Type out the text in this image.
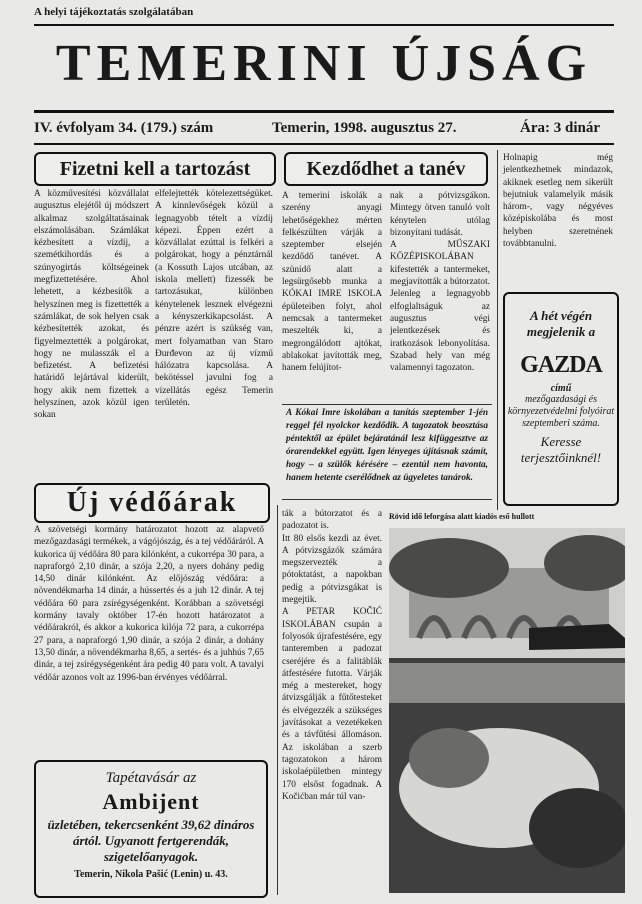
A helyi tájékoztatás szolgálatában
TEMERINI ÚJSÁG
IV. évfolyam 34. (179.) szám	Temerin, 1998. augusztus 27.	Ára: 3 dinár
Fizetni kell a tartozást
A közművesítési közvállalat augusztus elejétől új módszert alkalmaz szolgáltatásainak elszámolásában. Számlákat kézbesített a vízdíj, a szemétkihordás és a szúnyogirtás költségeinek megfizettetésére. Ahol lehetett, a kézbesítők a helyszínen meg is fizettették a számlákat, de sok helyen csak kézbesítették azokat, és figyelmeztették a polgárokat, hogy ne mulasszák el a befizetést. A befizetési határidő lejártával kiderült, hogy akik nem fizettek a helyszínen, azok közül igen sokan
elfelejtették kötelezettségüket. A kinnlevőségek közül a legnagyobb tételt a vízdíj képezi. Éppen ezért a közvállalat ezúttal is felkéri a polgárokat, hogy a pénztárnál (a Kossuth Lajos utcában, az iskola mellett) fizessék be tartozásukat, különben kénytelenek lesznek elvégezni a kényszerkikapcsolást. A pénzre azért is szükség van, mert folyamatban van Staro Đurđevon az új vízmű hálózatra kapcsolása. A bekötéssel javulni fog a vízellátás egész Temerin területén.
Kezdődhet a tanév
A temerini iskolák a szerény anyagi lehetőségekhez mérten felkészülten várják a szeptember elsején kezdődő tanévet. A szünidő alatt a legsürgősebb munka a KÓKAI IMRE ISKOLA épületeiben folyt, ahol nemcsak a tantermeket meszelték ki, a megrongálódott ajtókat, ablakokat javították meg, hanem felújítot-
nak a pótvizsgákon. Mintegy ötven tanuló volt kénytelen utólag bizonyítani tudását.
A MŰSZAKI KÖZÉPISKOLÁBAN kifestették a tantermeket, megjavították a bútorzatot. Jelenleg a legnagyobb elfoglaltságuk az augusztus végi jelentkezések és iratkozások lebonyolítása. Szabad hely van még valamennyi tagozaton.
Holnapig még jelentkezhetnek mindazok, akiknek esetleg nem sikerült bejutniuk valamelyik másik három-, vagy négyéves középiskolába és most helyben szeretnének továbbtanulni.
A hét végén
megjelenik a
GAZDA
című
mezőgazdasági és környezetvédelmi folyóirat szeptemberi száma.
Keresse terjesztőinknél!
A Kókai Imre iskolában a tanítás szeptember 1-jén reggel fél nyolckor kezdődik. A tagozatok beosztása péntektől az épület bejáratánál lesz kifüggesztve az órarendekkel együtt. Igen lényeges újításnak számít, hogy – a szülők kérésére – ezentúl nem havonta, hanem hetente cserélődnek az ügyeletes tanárok.
Új védőárak
A szövetségi kormány határozatot hozott az alapvető mezőgazdasági termékek, a vágójószág, és a tej védőáráról. A kukorica új védőára 80 para kilónként, a cukorrépa 30 para, a napraforgó 2,10 dinár, a szója 2,20, a nyers dohány pedig 14,50 dinár kilónként. Az előjószág védőára: a növendékmarha 14 dinár, a hússertés és a juh 12 dinár. A tej védőára 60 para zsírégységenként. Korábban a szövetségi kormány tavaly október 17-én hozott határozatot a védőárakról, és akkor a kukorica kilója 72 para, a cukorrépa 27 para, a napraforgó 1,90 dinár, a szója 2 dinár, a dohány 13,50 dinár, a növendékmarha 8,65, a sertés- és a juhhús 7,65 dinár, a tej zsírégységenként ára pedig 40 para volt. A tavalyi védőár azonos volt az 1996-ban érvényes védőárral.
Tapétavásár az
Ambijent
üzletében, tekercsenként 39,62 dináros ártól. Ugyanott fertgerendák, szigetelőanyagok.
Temerin, Nikola Pašić (Lenin) u. 43.
ták a bútorzatot és a padozatot is.
Itt 80 elsős kezdi az évet. A pótvizsgázók számára megszervezték a pótoktatást, a napokban pedig a pótvizsgákat is megejtik.
A PETAR KOČIĆ ISKOLÁBAN csupán a folyosók újrafestésére, egy tanteremben a padozat cseréjére és a falitáblák átfestésére futotta. Várják még a mestereket, hogy átvizsgálják a fűtőtesteket és elvégezzék a szükséges javításokat a vezetékeken és a távfűtési állomáson. Az iskolában a szerb tagozatokon a három iskolaépületben mintegy 170 elsőst fogadnak. A Kočićban már túl van-
Rövid idő leforgása alatt kiadós eső hullott
